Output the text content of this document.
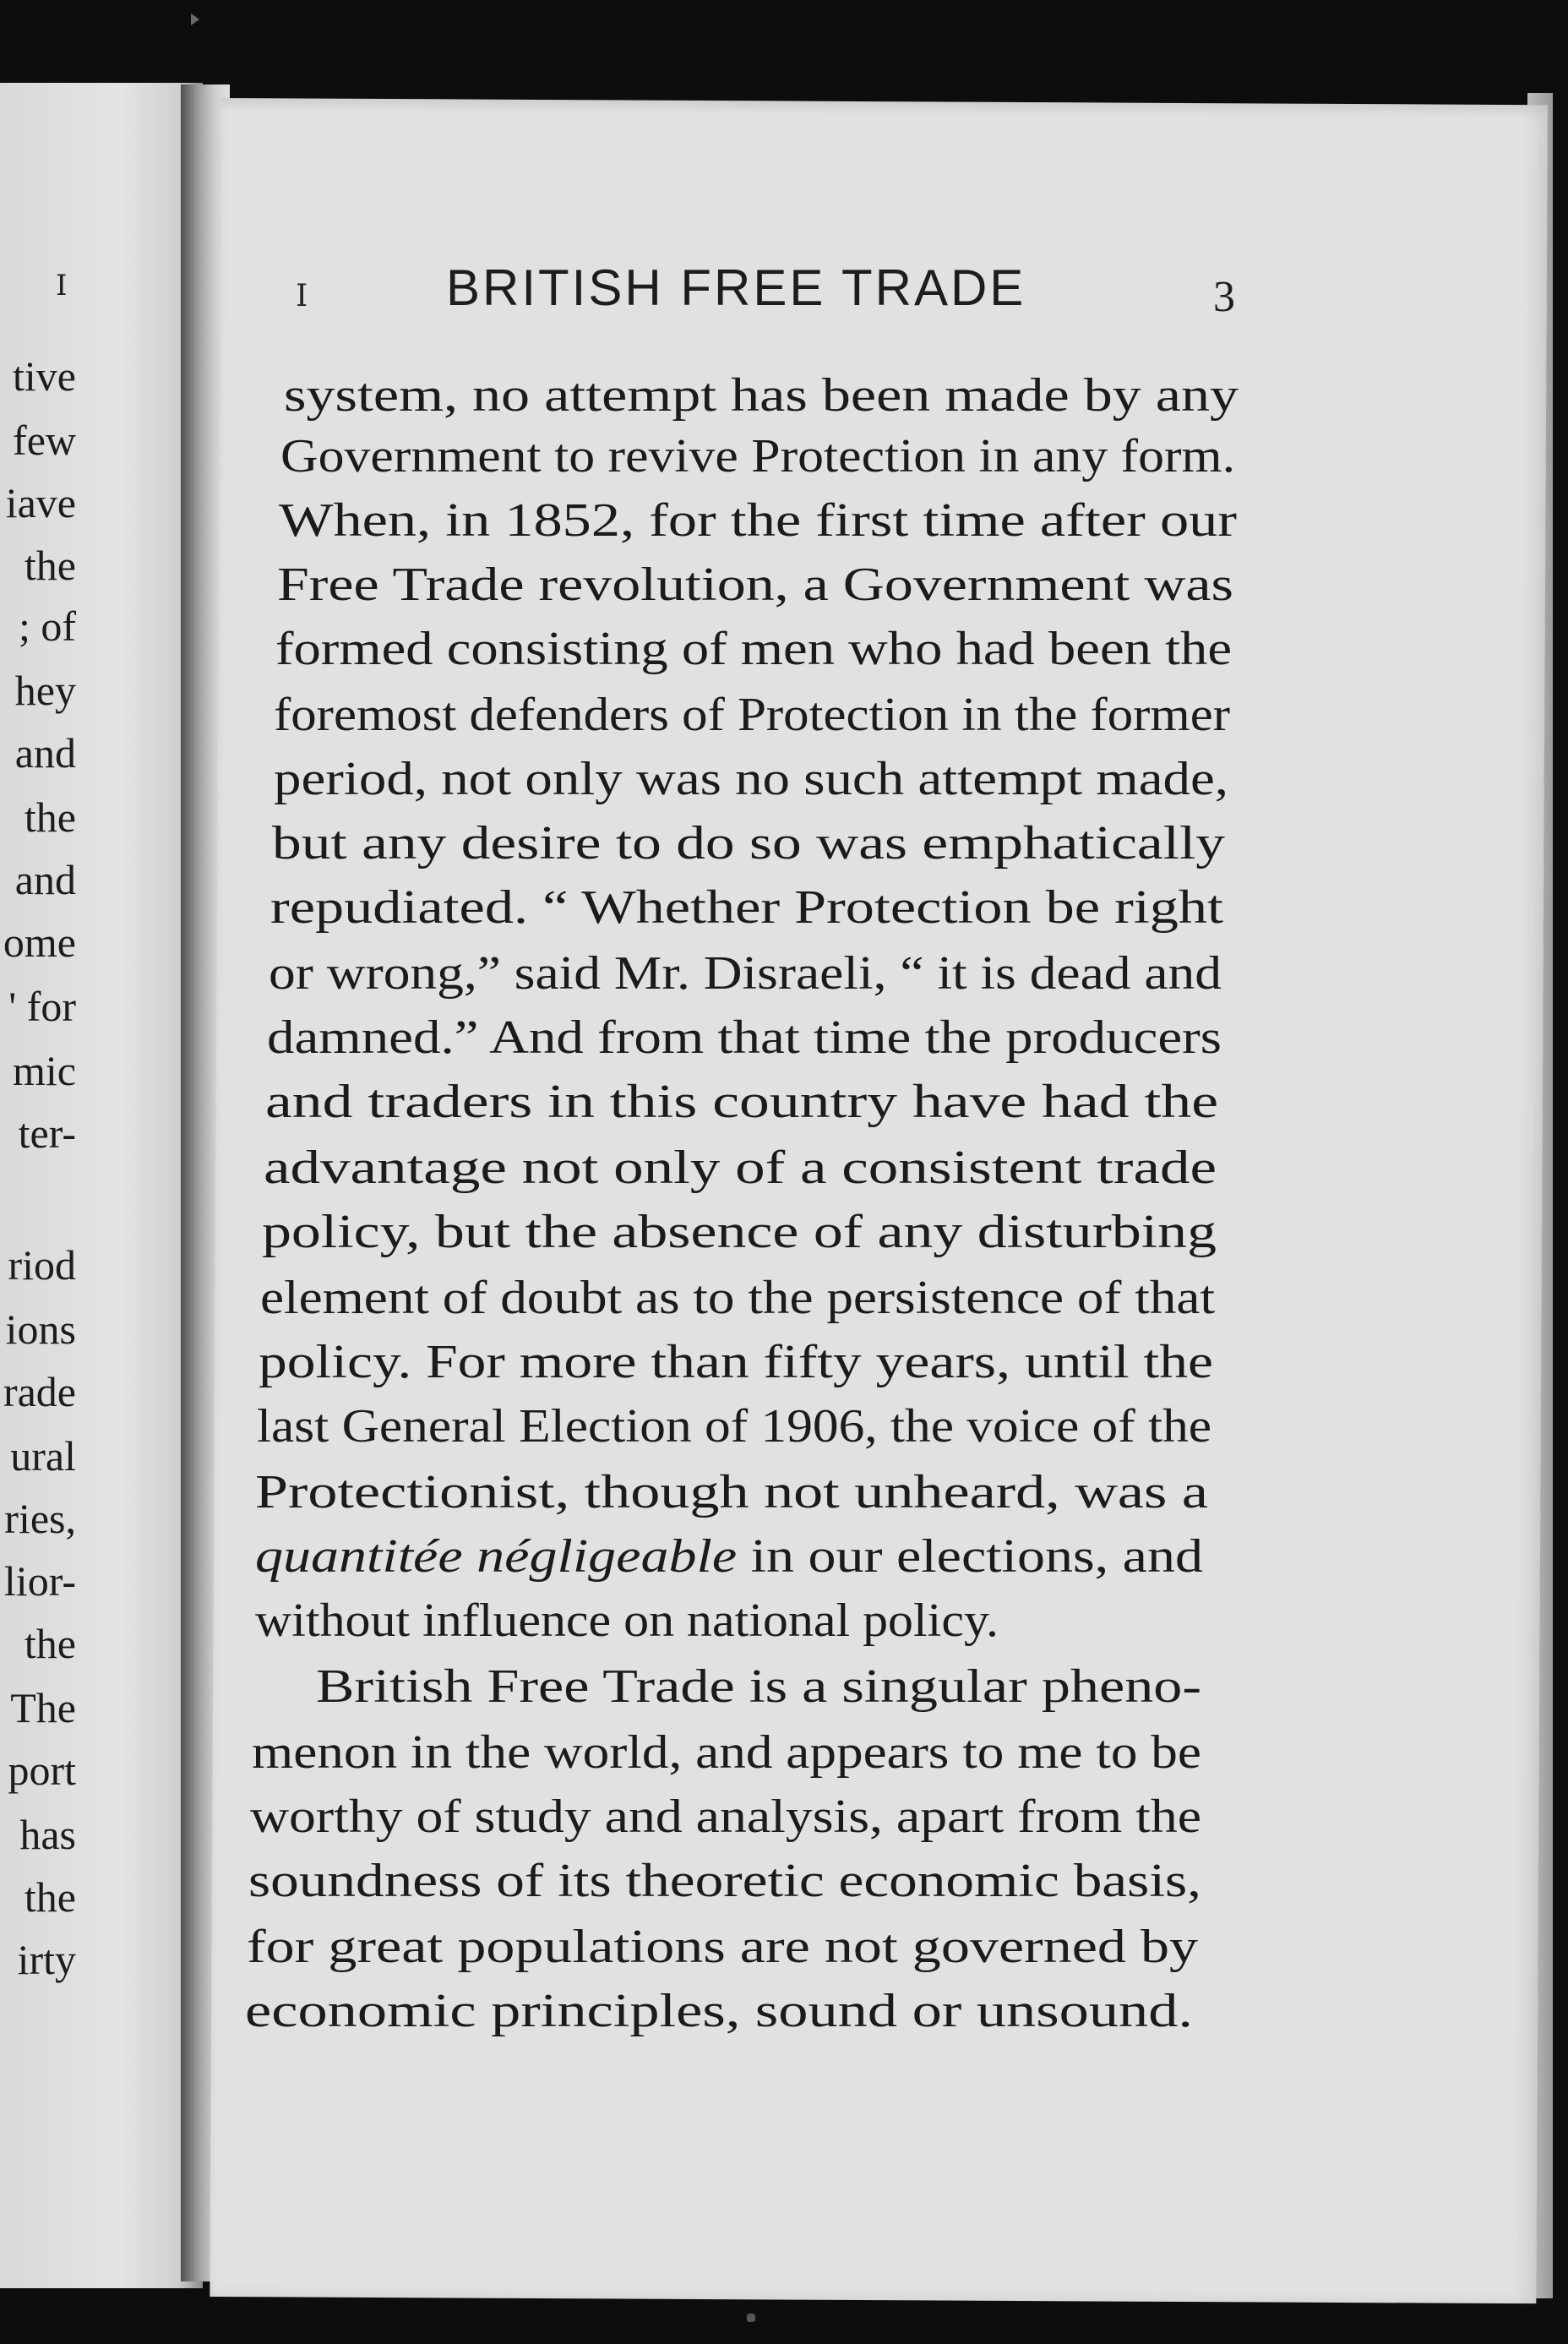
I
tive
few
iave
the
; of
hey
and
the
and
ome
' for
mic
ter-
riod
ions
rade
ural
ries,
lior-
the
The
port
has
the
irty
I	BRITISH FREE TRADE	3
system, no attempt has been made by any
Government to revive Protection in any form.
When, in 1852, for the first time after our
Free Trade revolution, a Government was
formed consisting of men who had been the
foremost defenders of Protection in the former
period, not only was no such attempt made,
but any desire to do so was emphatically
repudiated. “ Whether Protection be right
or wrong,” said Mr. Disraeli, “ it is dead and
damned.” And from that time the producers
and traders in this country have had the
advantage not only of a consistent trade
policy, but the absence of any disturbing
element of doubt as to the persistence of that
policy. For more than fifty years, until the
last General Election of 1906, the voice of the
Protectionist, though not unheard, was a
without influence on national policy.
British Free Trade is a singular pheno-
menon in the world, and appears to me to be
worthy of study and analysis, apart from the
soundness of its theoretic economic basis,
for great populations are not governed by
economic principles, sound or unsound.
quantitée négligeable in our elections, and
